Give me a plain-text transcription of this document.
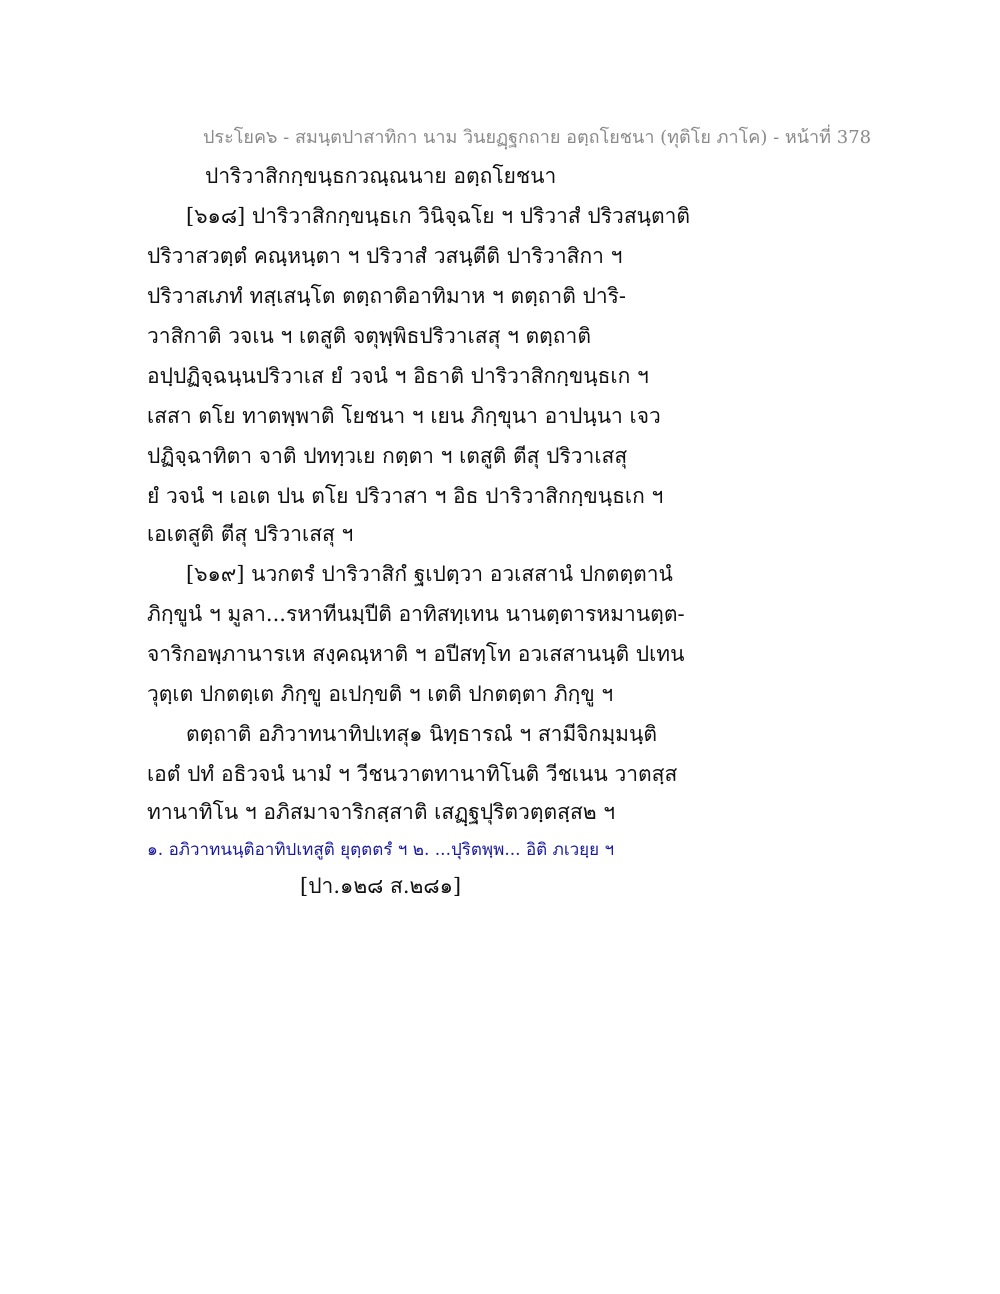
ประโยค๖ - สมนฺตปาสาทิกา นาม วินยฏฺฐกถาย อตฺถโยชนา (ทุติโย ภาโค) - หน้าที่ 378
ปาริวาสิกกฺขนฺธกวณฺณนาย อตฺถโยชนา
[๖๑๘] ปาริวาสิกกฺขนฺธเก วินิจฺฉโย ฯ ปริวาสํ ปริวสนฺตาติ
ปริวาสวตฺตํ คณฺหนฺตา ฯ ปริวาสํ วสนฺตีติ ปาริวาสิกา ฯ
ปริวาสเภทํ ทสฺเสนฺโต ตตฺถาติอาทิมาห ฯ ตตฺถาติ ปาริ-
วาสิกาติ วจเน ฯ เตสูติ จตุพฺพิธปริวาเสสุ ฯ ตตฺถาติ
อปฺปฏิจฺฉนฺนปริวาเส ยํ วจนํ ฯ อิธาติ ปาริวาสิกกฺขนฺธเก ฯ
เสสา ตโย ทาตพฺพาติ โยชนา ฯ เยน ภิกฺขุนา อาปนฺนา เจว
ปฏิจฺฉาทิตา จาติ ปททฺวเย กตฺตา ฯ เตสูติ ตีสุ ปริวาเสสุ
ยํ วจนํ ฯ เอเต ปน ตโย ปริวาสา ฯ อิธ ปาริวาสิกกฺขนฺธเก ฯ
เอเตสูติ ตีสุ ปริวาเสสุ ฯ
[๖๑๙] นวกตรํ ปาริวาสิกํ ฐเปตฺวา อวเสสานํ ปกตตฺตานํ
ภิกฺขูนํ ฯ มูลา...รหาทีนมฺปีติ อาทิสทฺเทน นานตฺตารหมานตฺต-
จาริกอพฺภานารเห สงฺคณฺหาติ ฯ อปีสทฺโท อวเสสานนฺติ ปเทน
วุตฺเต ปกตตฺเต ภิกฺขู อเปกฺขติ ฯ เตติ ปกตตฺตา ภิกฺขู ฯ
ตตฺถาติ อภิวาทนาทิปเทสุ๑ นิทฺธารณํ ฯ สามีจิกมฺมนฺติ
เอตํ ปทํ อธิวจนํ นามํ ฯ วีชนวาตทานาทิโนติ วีชเนน วาตสฺส
ทานาทิโน ฯ อภิสมาจาริกสฺสาติ เสฏฺฐปุริตวตฺตสฺส๒ ฯ
๑. อภิวาทนนฺติอาทิปเทสูติ ยุตฺตตรํ ฯ ๒. ...ปุริตพฺพ... อิติ ภเวยฺย ฯ
[ปา.๑๒๘ ส.๒๘๑]
